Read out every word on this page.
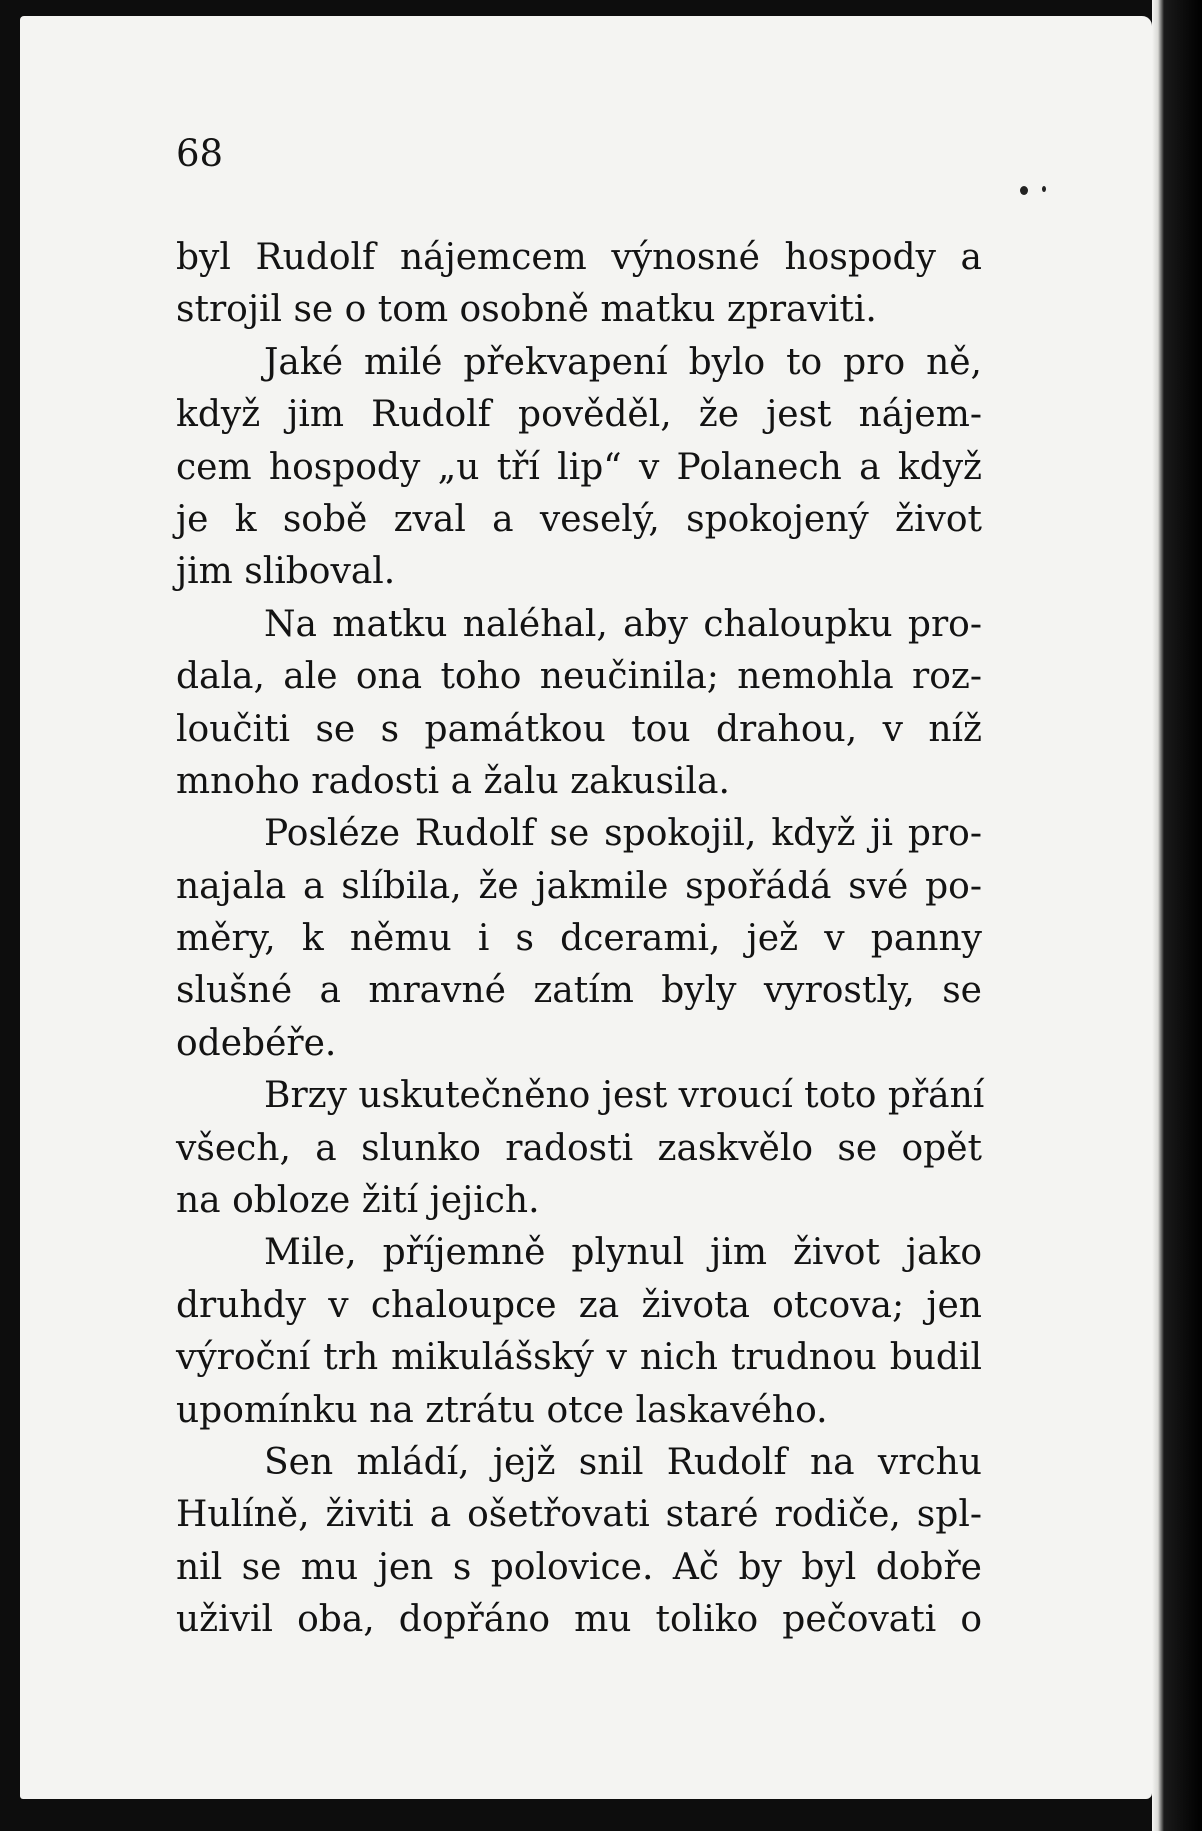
68
byl Rudolf nájemcem výnosné hospody a
strojil se o tom osobně matku zpraviti.
Jaké milé překvapení bylo to pro ně,
když jim Rudolf pověděl, že jest nájem-
cem hospody „u tří lip“ v Polanech a když
je k sobě zval a veselý, spokojený život
jim sliboval.
Na matku naléhal, aby chaloupku pro-
dala, ale ona toho neučinila; nemohla roz-
loučiti se s památkou tou drahou, v níž
mnoho radosti a žalu zakusila.
Posléze Rudolf se spokojil, když ji pro-
najala a slíbila, že jakmile spořádá své po-
měry, k němu i s dcerami, jež v panny
slušné a mravné zatím byly vyrostly, se
odebéře.
Brzy uskutečněno jest vroucí toto přání
všech, a slunko radosti zaskvělo se opět
na obloze žití jejich.
Mile, příjemně plynul jim život jako
druhdy v chaloupce za života otcova; jen
výroční trh mikulášský v nich trudnou budil
upomínku na ztrátu otce laskavého.
Sen mládí, jejž snil Rudolf na vrchu
Hulíně, živiti a ošetřovati staré rodiče, spl-
nil se mu jen s polovice. Ač by byl dobře
uživil oba, dopřáno mu toliko pečovati o
